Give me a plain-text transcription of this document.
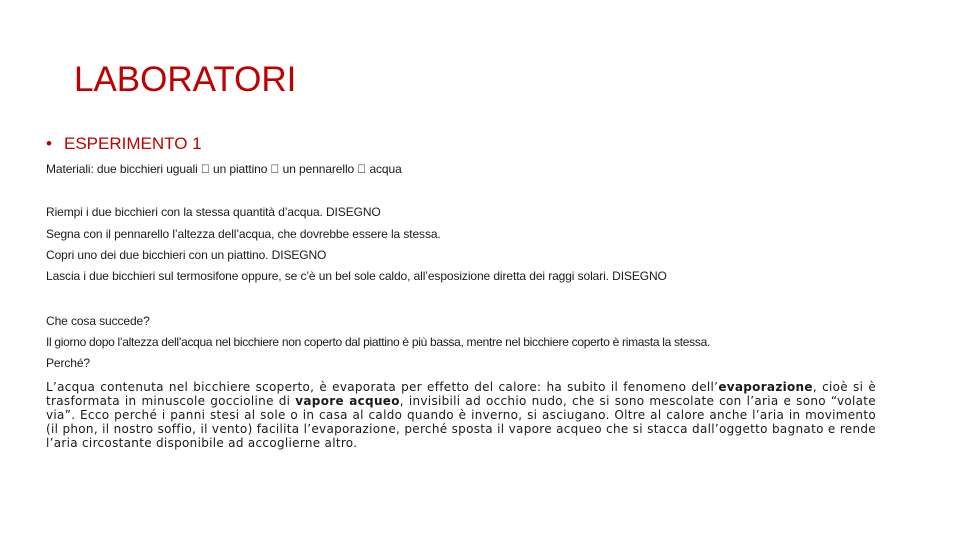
LABORATORI
• ESPERIMENTO 1
Materiali: due bicchieri uguali   un piattino   un pennarello   acqua
Riempi i due bicchieri con la stessa quantità d’acqua. DISEGNO
Segna con il pennarello l’altezza dell’acqua, che dovrebbe essere la stessa.
Copri uno dei due bicchieri con un piattino. DISEGNO
Lascia i due bicchieri sul termosifone oppure, se c’è un bel sole caldo, all’esposizione diretta dei raggi solari. DISEGNO
Che cosa succede?
Il giorno dopo l’altezza dell’acqua nel bicchiere non coperto dal piattino è più bassa, mentre nel bicchiere coperto è rimasta la stessa.
Perché?
L’acqua contenuta nel bicchiere scoperto, è evaporata per effetto del calore: ha subito il fenomeno dell’evaporazione, cioè si è trasformata in minuscole goccioline di vapore acqueo, invisibili ad occhio nudo, che si sono mescolate con l’aria e sono “volate via”. Ecco perché i panni stesi al sole o in casa al caldo quando è inverno, si asciugano. Oltre al calore anche l’aria in movimento (il phon, il nostro soffio, il vento) facilita l’evaporazione, perché sposta il vapore acqueo che si stacca dall’oggetto bagnato e rende l’aria circostante disponibile ad accoglierne altro.
